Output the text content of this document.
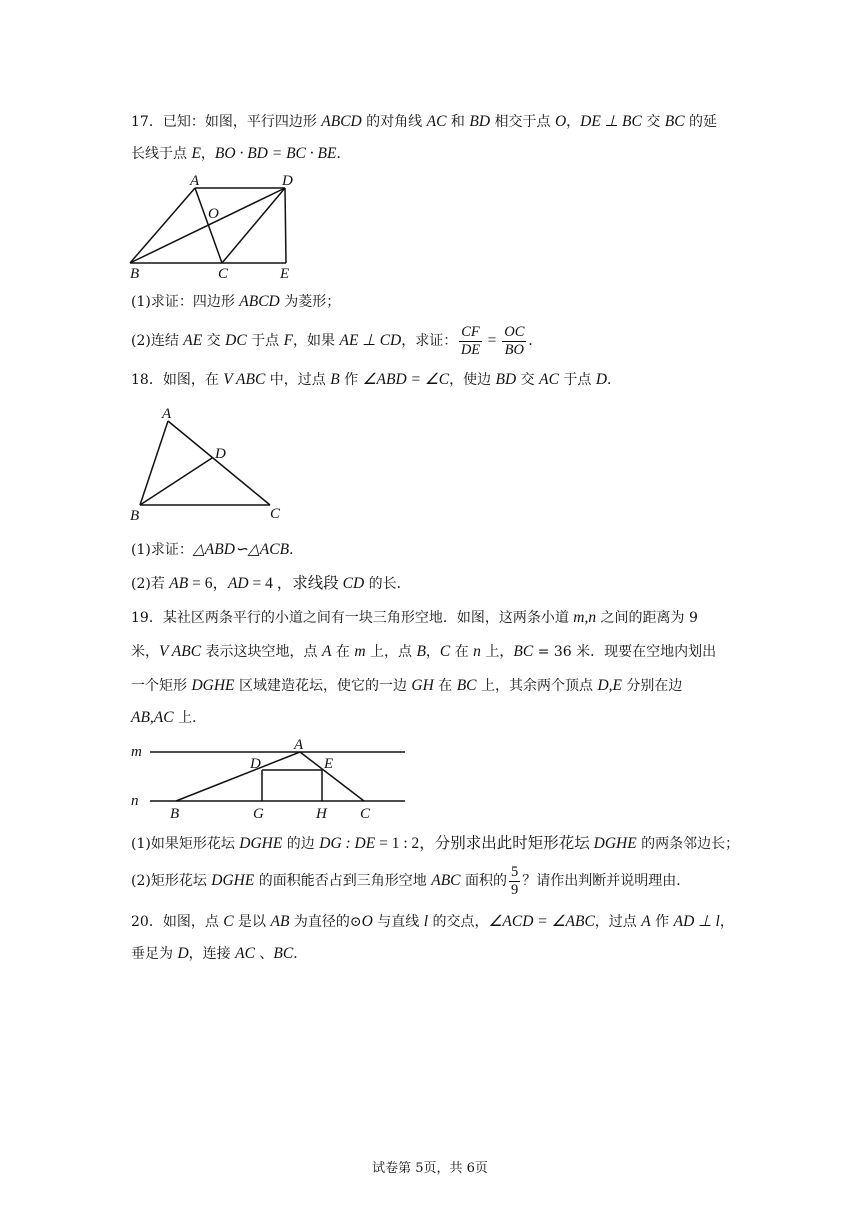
17．已知：如图，平行四边形 ABCD 的对角线 AC 和 BD 相交于点 O，DE ⊥ BC 交 BC 的延
长线于点 E，BO · BD = BC · BE．
A	D
O
B	C	E
(1)求证：四边形 ABCD 为菱形；
(2)连结 AE 交 DC 于点 F，如果 AE ⊥ CD，求证： $\frac{CF}{DE} = \frac{OC}{BO}$ ．
18．如图，在 V ABC 中，过点 B 作 ∠ABD = ∠C，使边 BD 交 AC 于点 D．
A
D
B	C
(1)求证：△ABD∽△ACB．
(2)若 AB = 6，AD = 4 ，求线段 CD 的长．
19．某社区两条平行的小道之间有一块三角形空地．如图，这两条小道 m,n 之间的距离为 9
米，V ABC 表示这块空地，点 A 在 m 上，点 B，C 在 n 上，BC = 36 米．现要在空地内划出
一个矩形 DGHE 区域建造花坛，使它的一边 GH 在 BC 上，其余两个顶点 D,E 分别在边
AB,AC 上．
m
n
A
D	E
B	G	H C
(1)如果矩形花坛 DGHE 的边 DG : DE = 1 : 2，分别求出此时矩形花坛 DGHE 的两条邻边长；
(2)矩形花坛 DGHE 的面积能否占到三角形空地 ABC 面积的 $\frac{5}{9}$ ？请作出判断并说明理由．
20．如图，点 C 是以 AB 为直径的⊙O 与直线 l 的交点，∠ACD = ∠ABC，过点 A 作 AD ⊥ l，
垂足为 D，连接 AC 、BC．
试卷第 5页，共 6页
